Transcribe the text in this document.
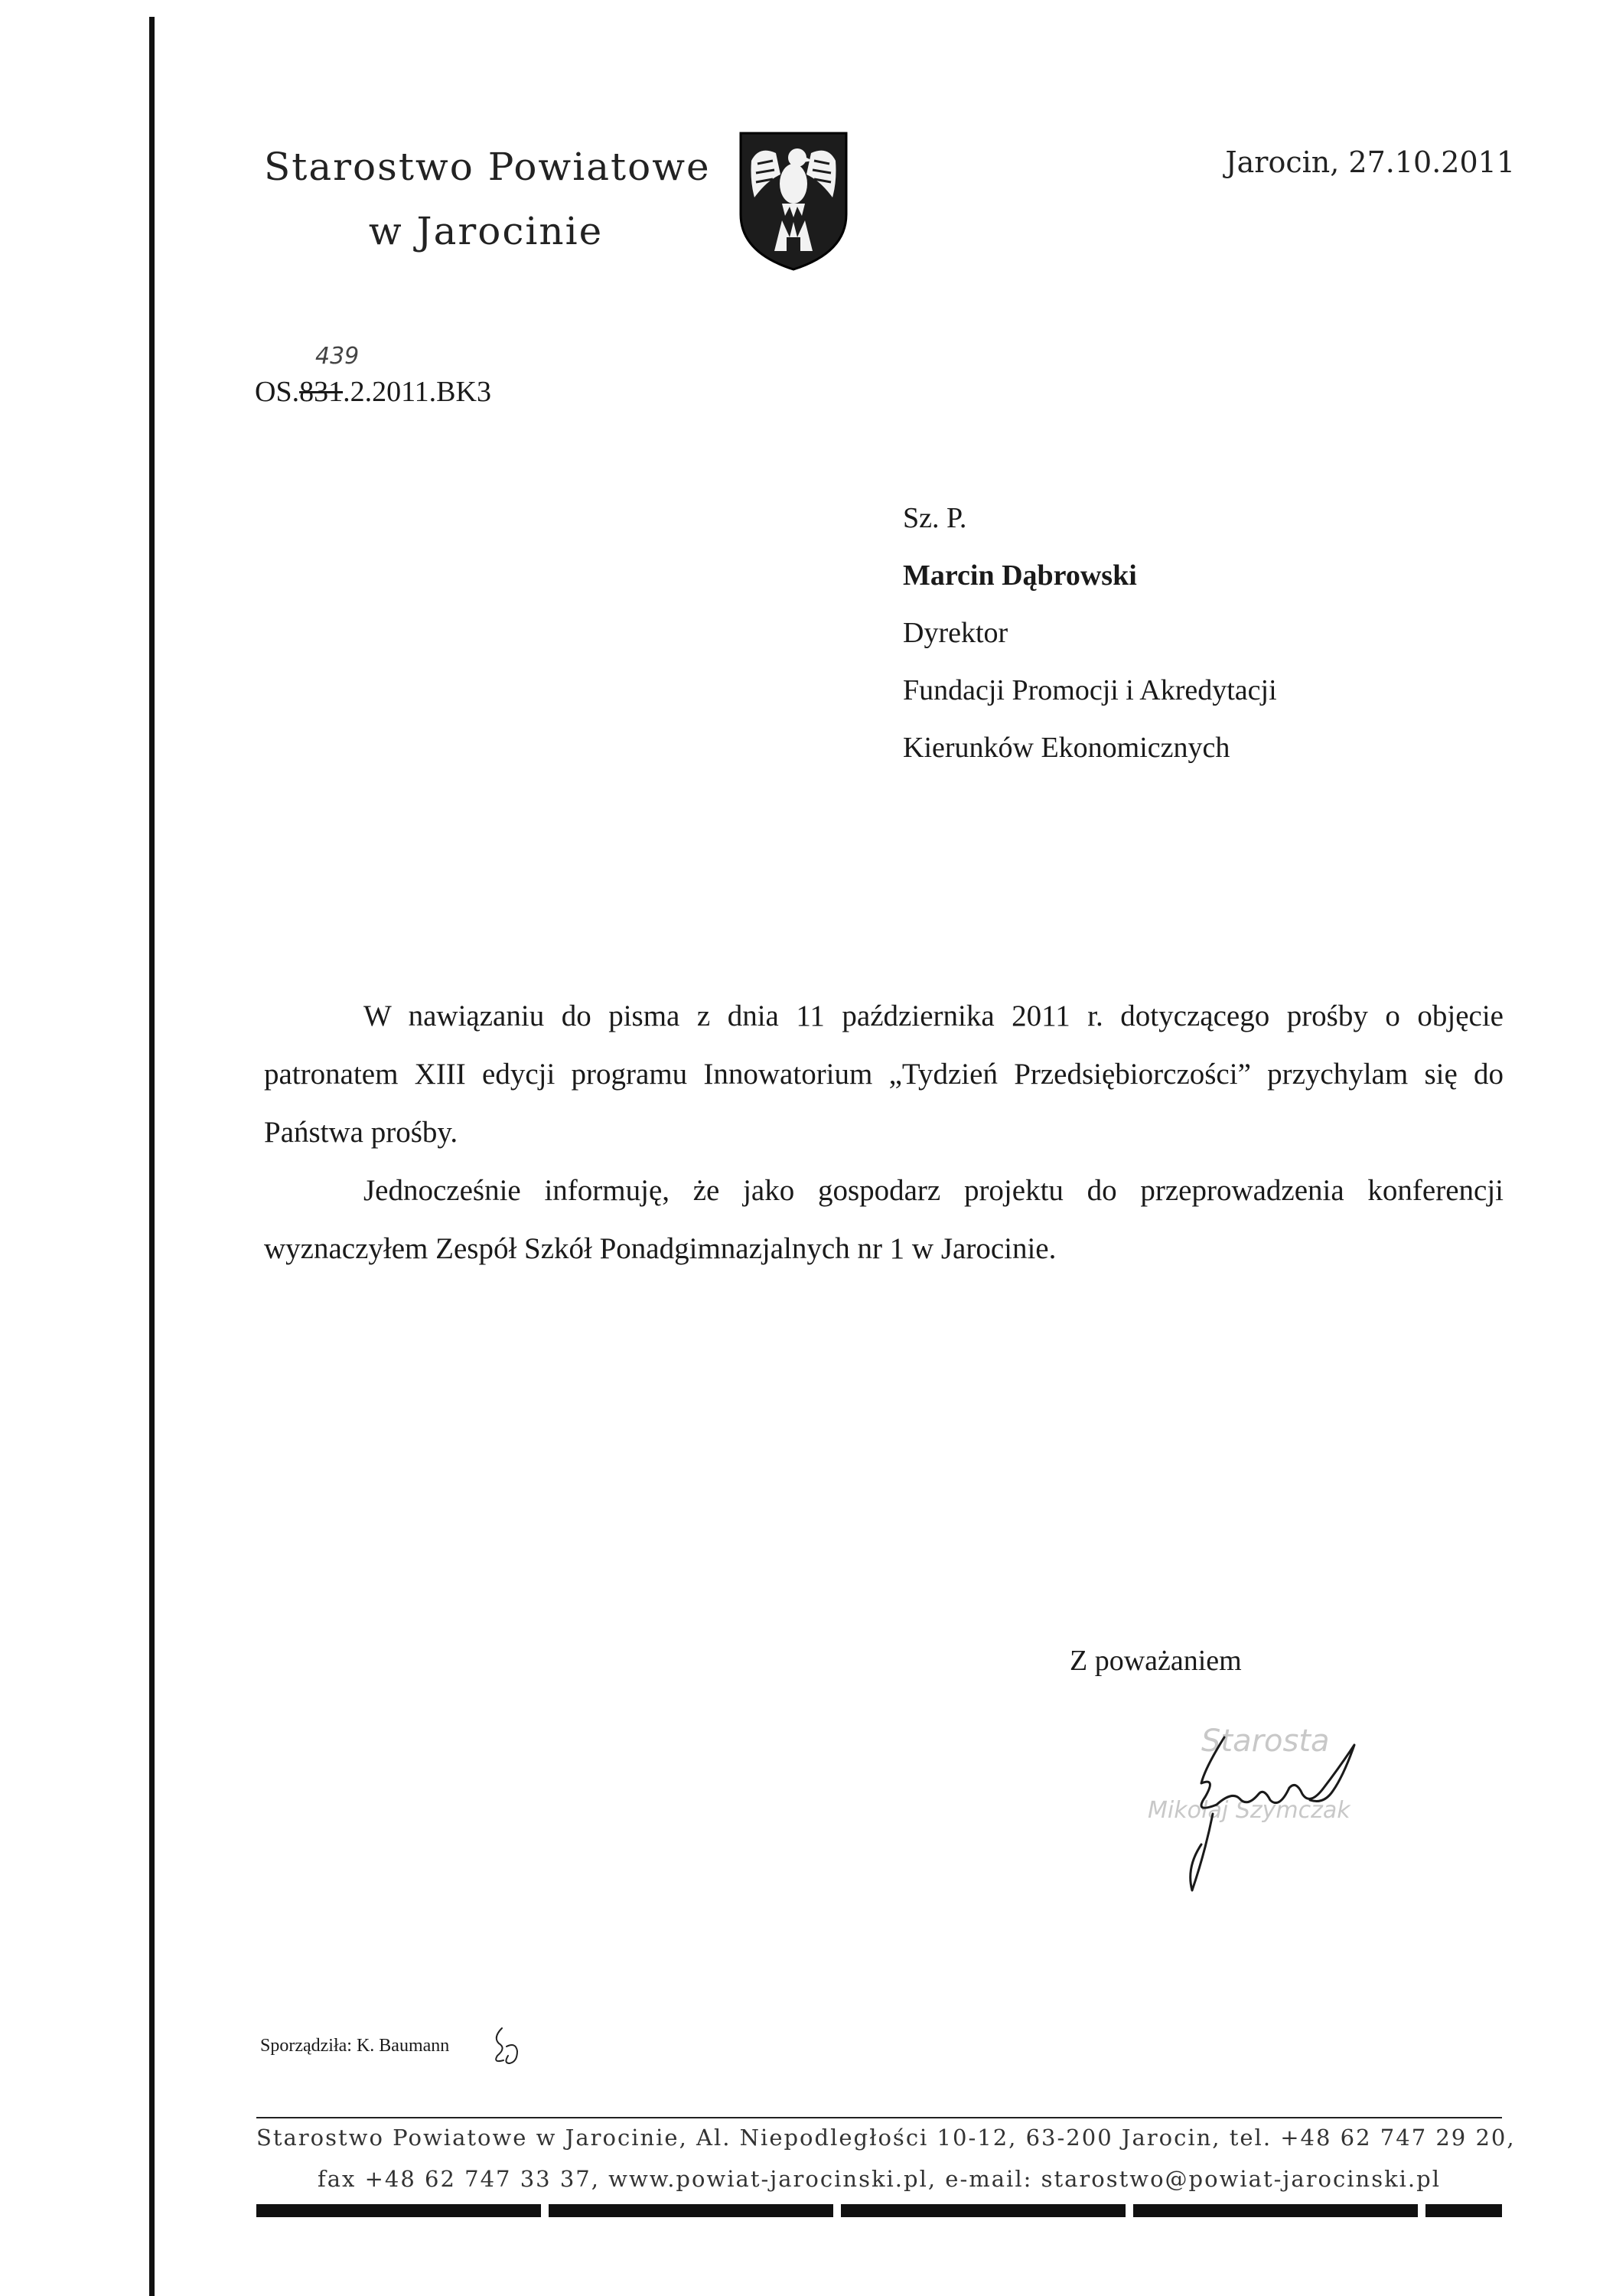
Starostwo Powiatowe
w Jarocinie
Jarocin, 27.10.2011
439
OS.831.2.2011.BK3
Sz. P.
Marcin Dąbrowski
Dyrektor
Fundacji Promocji i Akredytacji
Kierunków Ekonomicznych

W nawiązaniu do pisma z dnia 11 października 2011 r. dotyczącego prośby o objęcie patronatem XIII edycji programu Innowatorium „Tydzień Przedsiębiorczości” przychylam się do Państwa prośby.

Jednocześnie informuję, że jako gospodarz projektu do przeprowadzenia konferencji wyznaczyłem Zespół Szkół Ponadgimnazjalnych nr 1 w Jarocinie.

Z poważaniem
Starosta
Mikołaj Szymczak
Sporządziła: K. Baumann
Starostwo Powiatowe w Jarocinie, Al. Niepodległości 10-12, 63-200 Jarocin, tel. +48 62 747 29 20,
fax +48 62 747 33 37, www.powiat-jarocinski.pl, e-mail: starostwo@powiat-jarocinski.pl
